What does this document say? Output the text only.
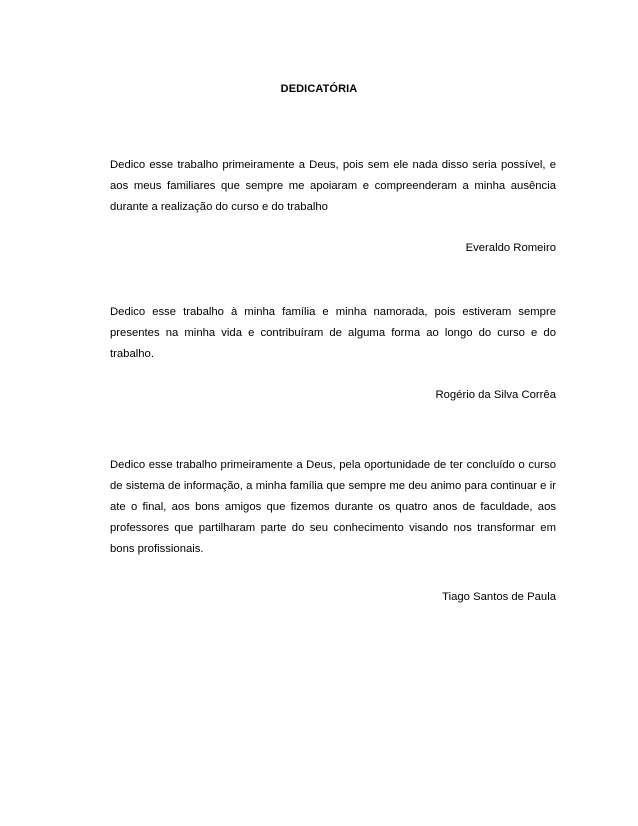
DEDICATÓRIA

Dedico esse trabalho primeiramente a Deus, pois sem ele nada disso seria possível, e aos meus familiares que sempre me apoiaram e compreenderam a minha ausência durante a realização do curso e do trabalho

Everaldo Romeiro

Dedico esse trabalho à minha família e minha namorada, pois estiveram sempre presentes na minha vida e contribuíram de alguma forma ao longo do curso e do trabalho.

Rogério da Silva Corrêa

Dedico esse trabalho primeiramente a Deus, pela oportunidade de ter concluído o curso de sistema de informação, a minha família que sempre me deu animo para continuar e ir ate o final, aos bons amigos que fizemos durante os quatro anos de faculdade, aos professores que partilharam parte do seu conhecimento visando nos transformar em bons profissionais.

Tiago Santos de Paula
